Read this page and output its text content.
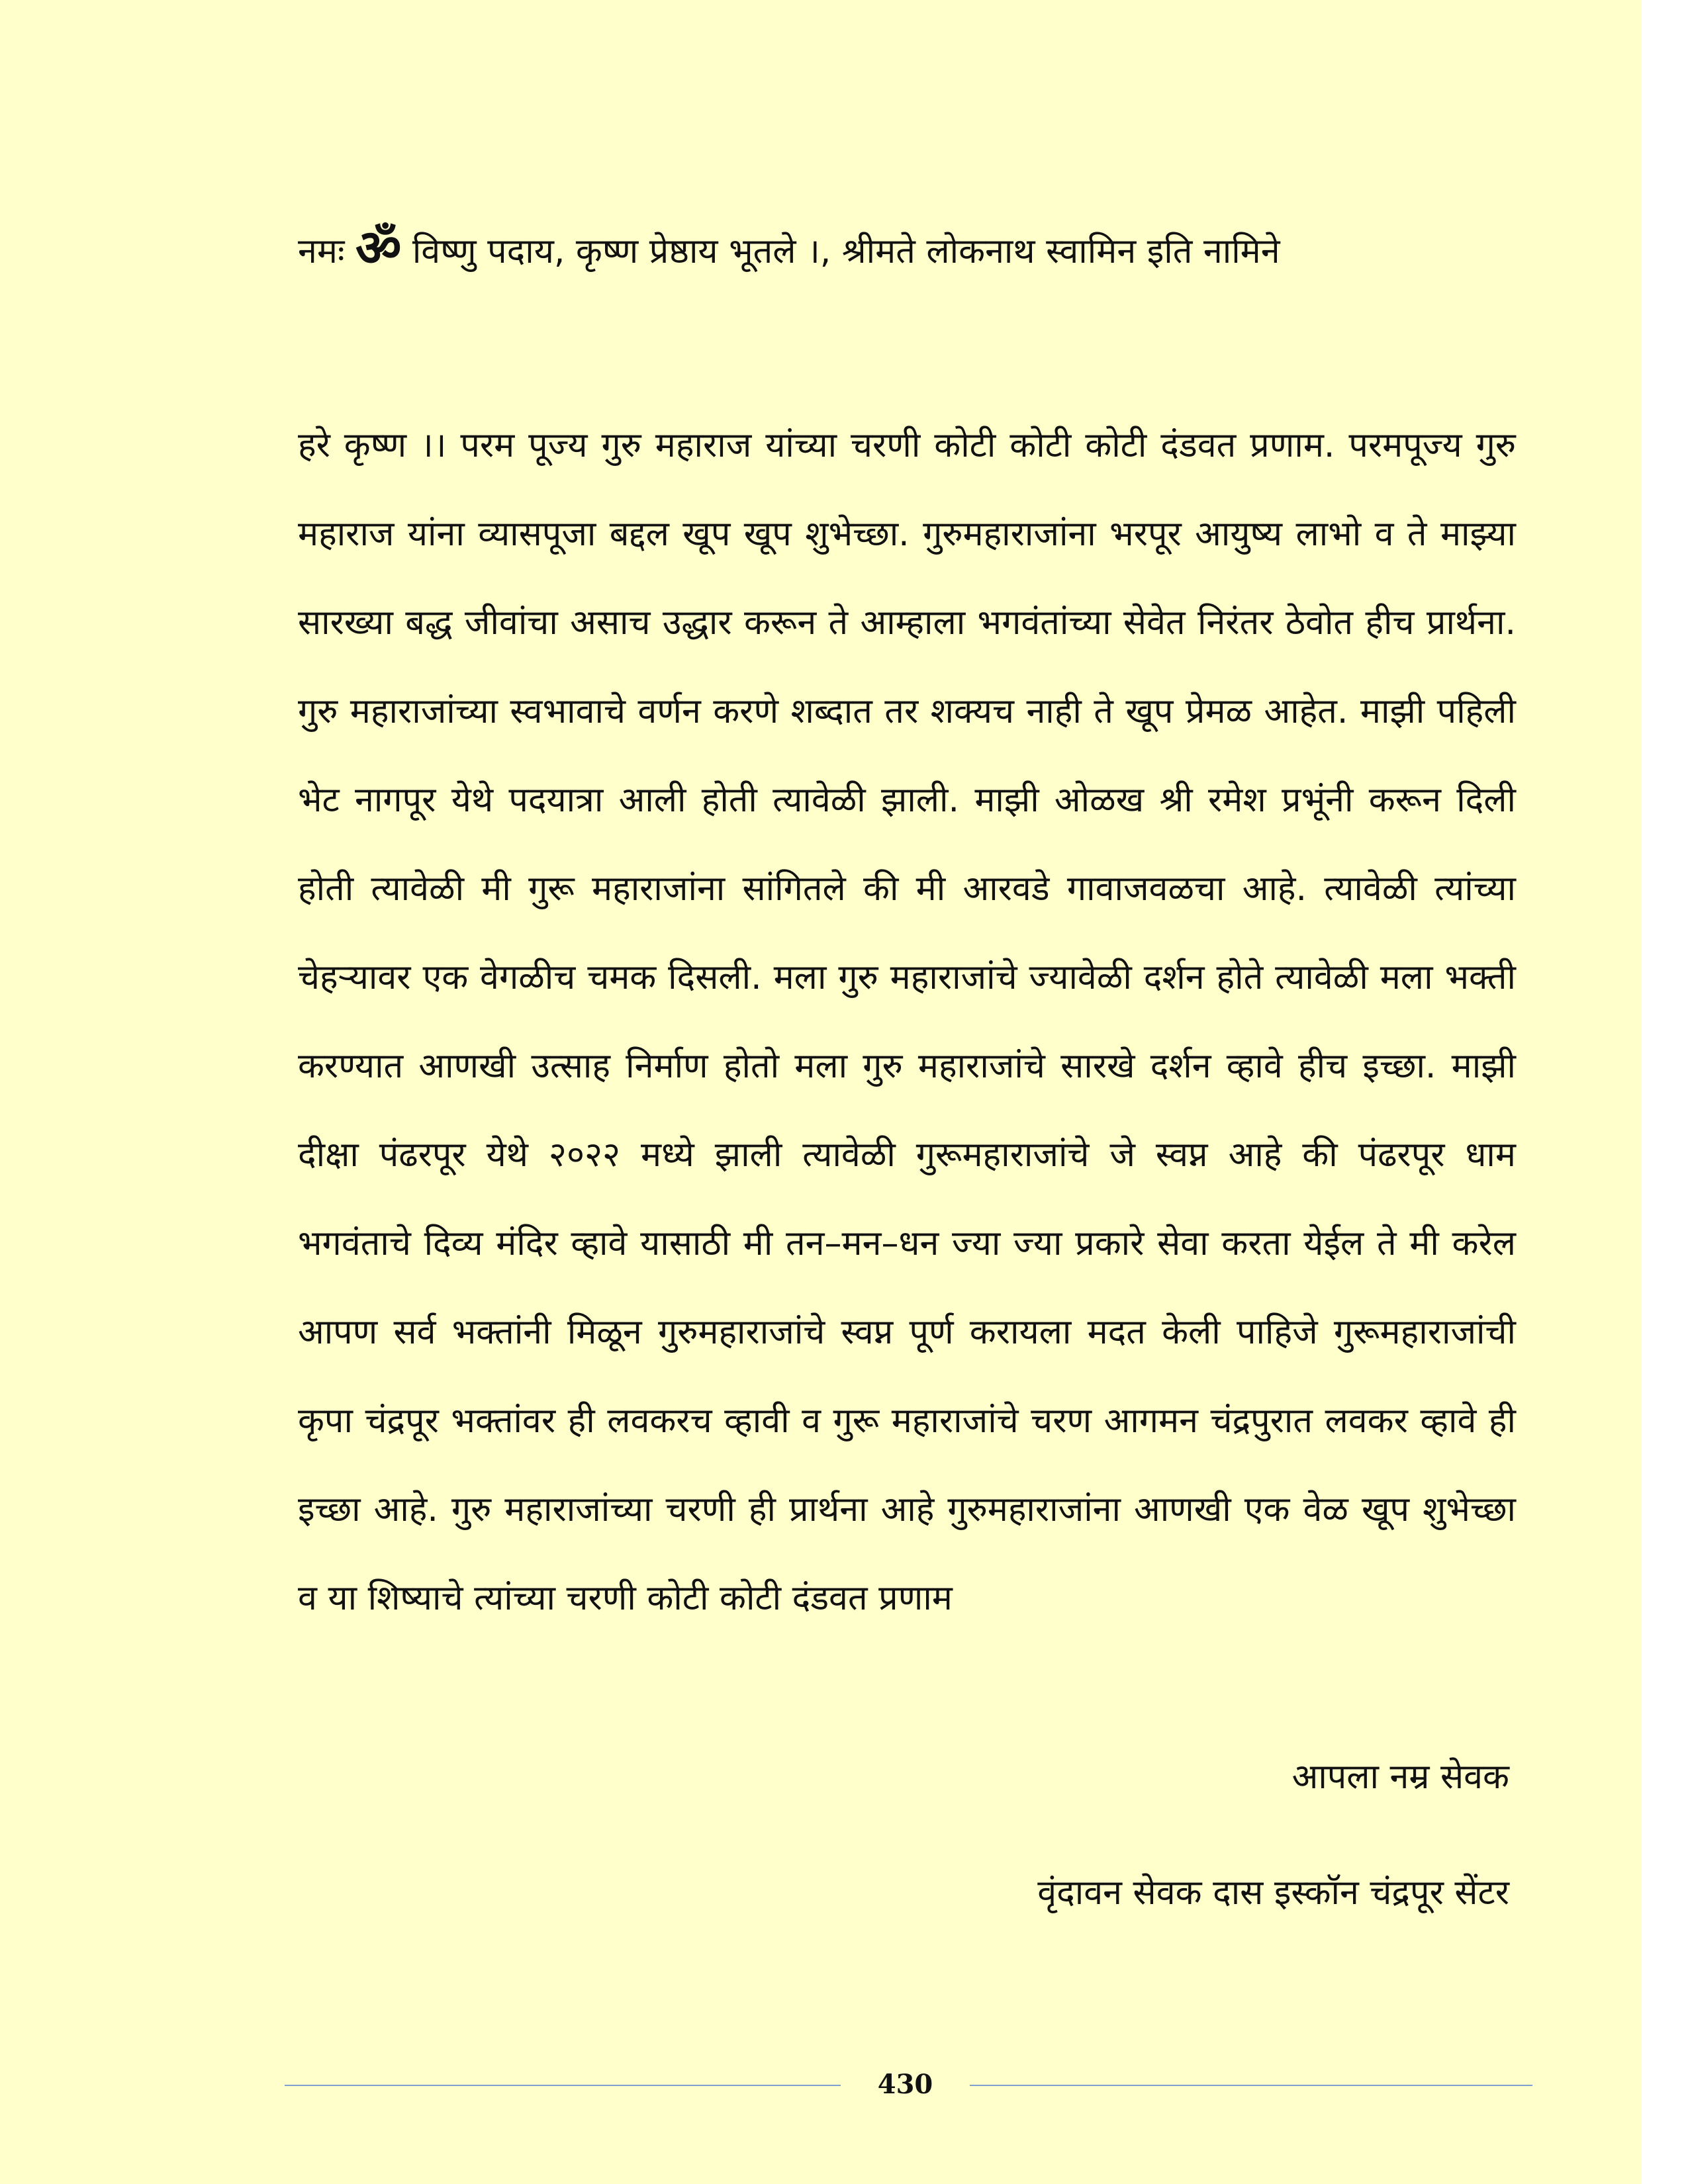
नमः ॐ विष्णु पदाय, कृष्ण प्रेष्ठाय भूतले ।, श्रीमते लोकनाथ स्वामिन इति नामिने

हरे कृष्ण ।। परम पूज्य गुरु महाराज यांच्या चरणी कोटी कोटी कोटी दंडवत प्रणाम. परमपूज्य गुरु महाराज यांना व्यासपूजा बद्दल खूप खूप शुभेच्छा. गुरुमहाराजांना भरपूर आयुष्य लाभो व ते माझ्या सारख्या बद्ध जीवांचा असाच उद्धार करून ते आम्हाला भगवंतांच्या सेवेत निरंतर ठेवोत हीच प्रार्थना. गुरु महाराजांच्या स्वभावाचे वर्णन करणे शब्दात तर शक्यच नाही ते खूप प्रेमळ आहेत. माझी पहिली भेट नागपूर येथे पदयात्रा आली होती त्यावेळी झाली. माझी ओळख श्री रमेश प्रभूंनी करून दिली होती त्यावेळी मी गुरू महाराजांना सांगितले की मी आरवडे गावाजवळचा आहे. त्यावेळी त्यांच्या चेहऱ्यावर एक वेगळीच चमक दिसली. मला गुरु महाराजांचे ज्यावेळी दर्शन होते त्यावेळी मला भक्ती करण्यात आणखी उत्साह निर्माण होतो मला गुरु महाराजांचे सारखे दर्शन व्हावे हीच इच्छा. माझी दीक्षा पंढरपूर येथे २०२२ मध्ये झाली त्यावेळी गुरूमहाराजांचे जे स्वप्न आहे की पंढरपूर धाम भगवंताचे दिव्य मंदिर व्हावे यासाठी मी तन–मन–धन ज्या ज्या प्रकारे सेवा करता येईल ते मी करेल आपण सर्व भक्तांनी मिळून गुरुमहाराजांचे स्वप्न पूर्ण करायला मदत केली पाहिजे गुरूमहाराजांची कृपा चंद्रपूर भक्तांवर ही लवकरच व्हावी व गुरू महाराजांचे चरण आगमन चंद्रपुरात लवकर व्हावे ही इच्छा आहे. गुरु महाराजांच्या चरणी ही प्रार्थना आहे गुरुमहाराजांना आणखी एक वेळ खूप शुभेच्छा व या शिष्याचे त्यांच्या चरणी कोटी कोटी दंडवत प्रणाम

आपला नम्र सेवक
वृंदावन सेवक दास इस्कॉन चंद्रपूर सेंटर
430
